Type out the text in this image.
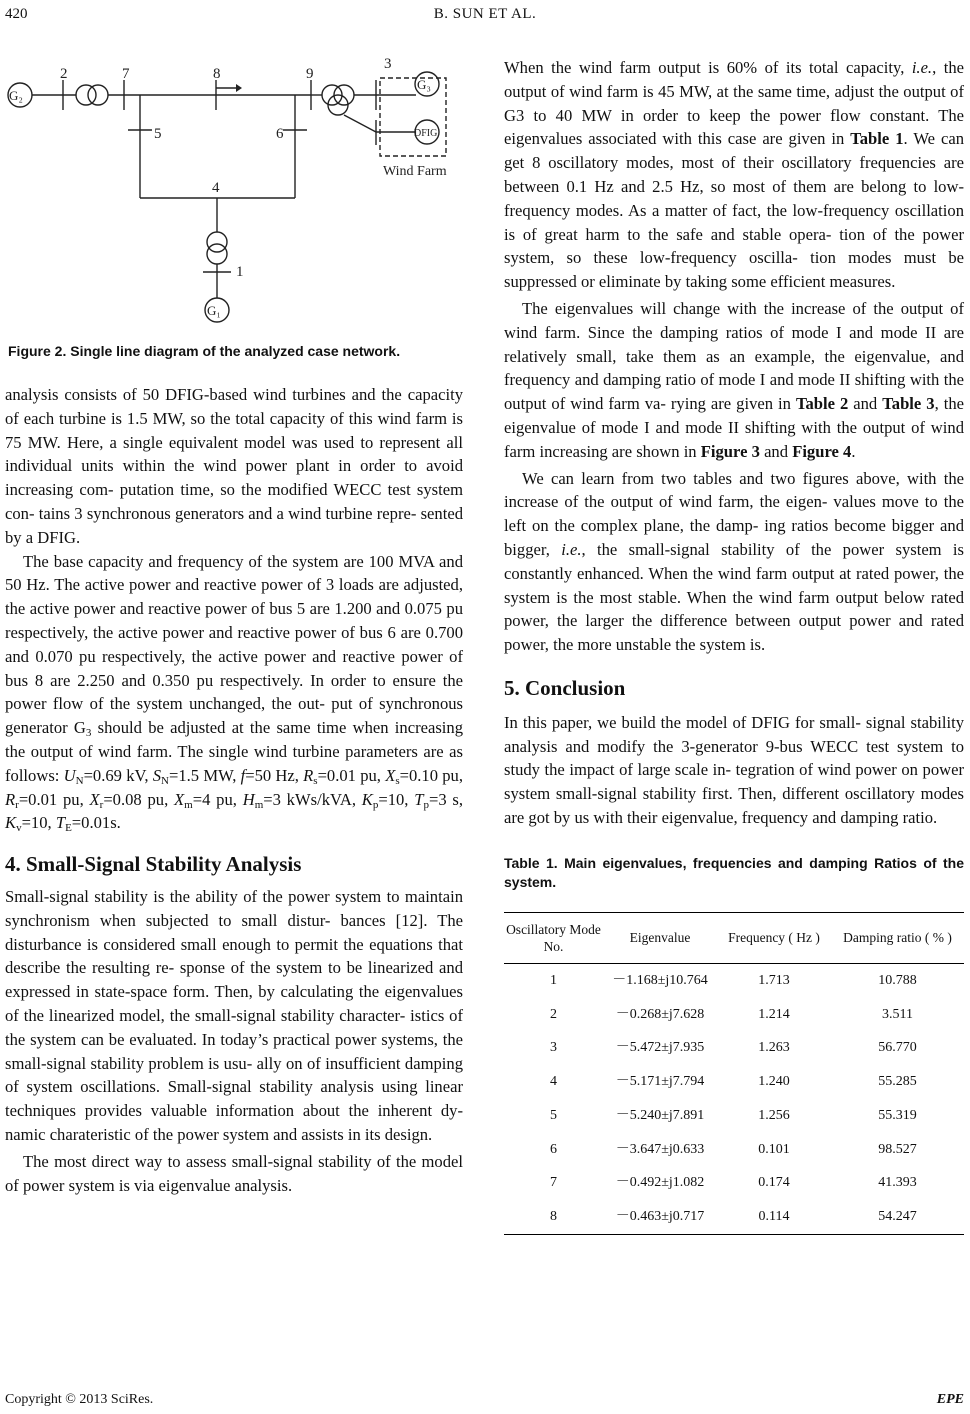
420	B. SUN ET AL.
G₂
2	7	8	9
3
G₃
DFIG
Wind Farm
5	6
4
1
G₁
Figure 2. Single line diagram of the analyzed case network.

analysis consists of 50 DFIG-based wind turbines and the capacity of each turbine is 1.5 MW, so the total capacity of this wind farm is 75 MW. Here, a single equivalent model was used to represent all individual units within the wind power plant in order to avoid increasing com- putation time, so the modified WECC test system con- tains 3 synchronous generators and a wind turbine repre- sented by a DFIG.

The base capacity and frequency of the system are 100 MVA and 50 Hz. The active power and reactive power of 3 loads are adjusted, the active power and reactive power of bus 5 are 1.200 and 0.075 pu respectively, the active power and reactive power of bus 6 are 0.700 and 0.070 pu respectively, the active power and reactive power of bus 8 are 2.250 and 0.350 pu respectively. In order to ensure the power flow of the system unchanged, the out- put of synchronous generator $G_3$ should be adjusted at the same time when increasing the output of wind farm. The single wind turbine parameters are as follows: $U_N=0.69$ kV, $S_N=1.5$ MW, f=50 Hz, $R_s=0.01$ pu, $X_s=0.10$ pu, $R_r=0.01$ pu, $X_r=0.08$ pu, $X_m=4$ pu, $H_m=3$ kWs/kVA, $K_p=10$, $T_p=3$ s, $K_v=10$, $T_E=0.01s$.

4. Small-Signal Stability Analysis

Small-signal stability is the ability of the power system to maintain synchronism when subjected to small distur- bances [12]. The disturbance is considered small enough to permit the equations that describe the resulting re- sponse of the system to be linearized and expressed in state-space form. Then, by calculating the eigenvalues of the linearized model, the small-signal stability character- istics of the system can be evaluated. In today’s practical power systems, the small-signal stability problem is usu- ally on of insufficient damping of system oscillations. Small-signal stability analysis using linear techniques provides valuable information about the inherent dy- namic charateristic of the power system and assists in its design.

The most direct way to assess small-signal stability of the model of power system is via eigenvalue analysis.

When the wind farm output is 60% of its total capacity, i.e., the output of wind farm is 45 MW, at the same time, adjust the output of G3 to 40 MW in order to keep the power flow constant. The eigenvalues associated with this case are given in Table 1. We can get 8 oscillatory modes, most of their oscillatory frequencies are between 0.1 Hz and 2.5 Hz, so most of them are belong to low- frequency modes. As a matter of fact, the low-frequency oscillation is of great harm to the safe and stable opera- tion of the power system, so these low-frequency oscilla- tion modes must be suppressed or eliminate by taking some efficient measures.

The eigenvalues will change with the increase of the output of wind farm. Since the damping ratios of mode I and mode II are relatively small, take them as an example, the eigenvalue, and frequency and damping ratio of mode I and mode II shifting with the output of wind farm va- rying are given in Table 2 and Table 3, the eigenvalue of mode I and mode II shifting with the output of wind farm increasing are shown in Figure 3 and Figure 4.

We can learn from two tables and two figures above, with the increase of the output of wind farm, the eigen- values move to the left on the complex plane, the damp- ing ratios become bigger and bigger, i.e., the small-signal stability of the power system is constantly enhanced. When the wind farm output at rated power, the system is the most stable. When the wind farm output below rated power, the larger the difference between output power and rated power, the more unstable the system is.

5. Conclusion

In this paper, we build the model of DFIG for small- signal stability analysis and modify the 3-generator 9-bus WECC test system to study the impact of large scale in- tegration of wind power on power system small-signal stability first. Then, different oscillatory modes are got by us with their eigenvalue, frequency and damping ratio.

Table 1. Main eigenvalues, frequencies and damping Ratios of the system.
Oscillatory Mode No.	Eigenvalue	Frequency ( Hz )	Damping ratio ( % )
1	－1.168±j10.764	1.713	10.788
2	－0.268±j7.628	1.214	3.511
3	－5.472±j7.935	1.263	56.770
4	－5.171±j7.794	1.240	55.285
5	－5.240±j7.891	1.256	55.319
6	－3.647±j0.633	0.101	98.527
7	－0.492±j1.082	0.174	41.393
8	－0.463±j0.717	0.114	54.247
Copyright © 2013 SciRes.	EPE
